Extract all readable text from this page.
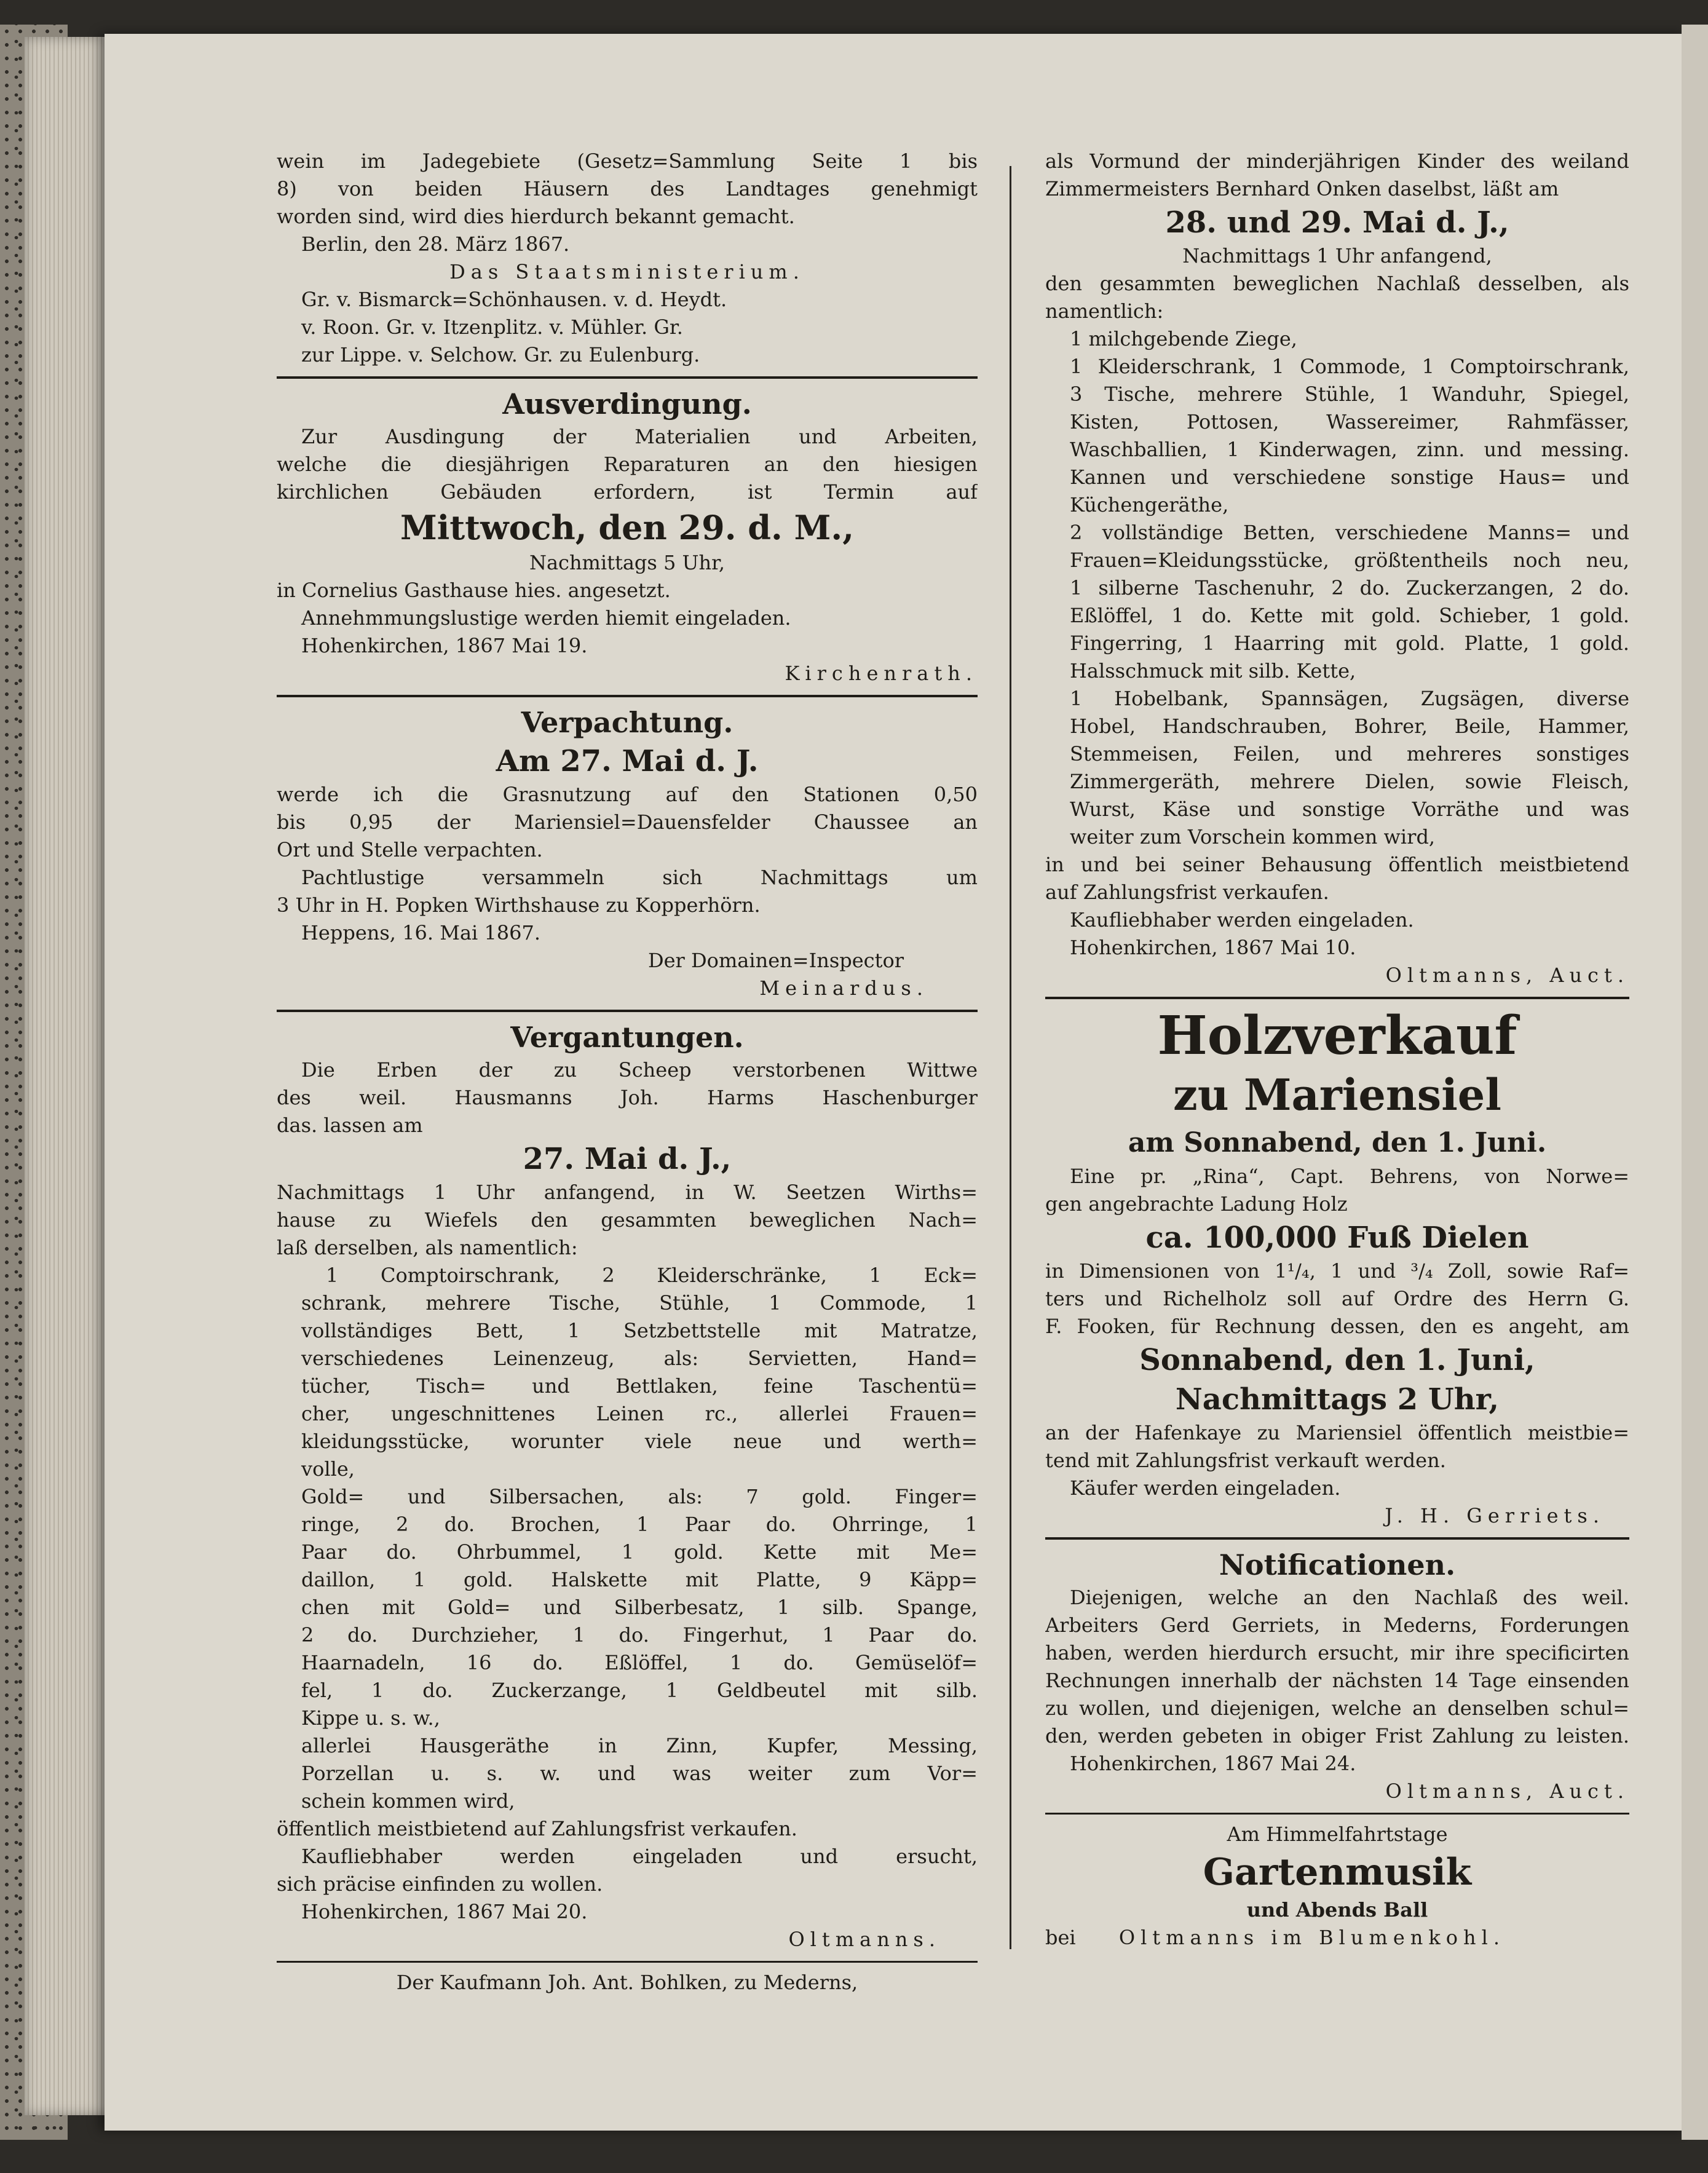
wein im Jadegebiete (Gesetz=Sammlung Seite 1 bis
8) von beiden Häusern des Landtages genehmigt
worden sind, wird dies hierdurch bekannt gemacht.
Berlin, den 28. März 1867.
Das Staatsministerium.
Gr. v. Bismarck=Schönhausen. v. d. Heydt.
v. Roon. Gr. v. Itzenplitz. v. Mühler. Gr.
zur Lippe. v. Selchow. Gr. zu Eulenburg.
Ausverdingung.
Zur Ausdingung der Materialien und Arbeiten,
welche die diesjährigen Reparaturen an den hiesigen
kirchlichen Gebäuden erfordern, ist Termin auf
Mittwoch, den 29. d. M.,
Nachmittags 5 Uhr,
in Cornelius Gasthause hies. angesetzt.
Annehmmungslustige werden hiemit eingeladen.
Hohenkirchen, 1867 Mai 19.
Kirchenrath.
Verpachtung.
Am 27. Mai d. J.
werde ich die Grasnutzung auf den Stationen 0,50
bis 0,95 der Mariensiel=Dauensfelder Chaussee an
Ort und Stelle verpachten.
Pachtlustige versammeln sich Nachmittags um
3 Uhr in H. Popken Wirthshause zu Kopperhörn.
Heppens, 16. Mai 1867.
Der Domainen=Inspector
Meinardus.
Vergantungen.
Die Erben der zu Scheep verstorbenen Wittwe
des weil. Hausmanns Joh. Harms Haschenburger
das. lassen am
27. Mai d. J.,
Nachmittags 1 Uhr anfangend, in W. Seetzen Wirths=
hause zu Wiefels den gesammten beweglichen Nach=
laß derselben, als namentlich:
1 Comptoirschrank, 2 Kleiderschränke, 1 Eck=
schrank, mehrere Tische, Stühle, 1 Commode, 1
vollständiges Bett, 1 Setzbettstelle mit Matratze,
verschiedenes Leinenzeug, als: Servietten, Hand=
tücher, Tisch= und Bettlaken, feine Taschentü=
cher, ungeschnittenes Leinen rc., allerlei Frauen=
kleidungsstücke, worunter viele neue und werth=
volle,
Gold= und Silbersachen, als: 7 gold. Finger=
ringe, 2 do. Brochen, 1 Paar do. Ohrringe, 1
Paar do. Ohrbummel, 1 gold. Kette mit Me=
daillon, 1 gold. Halskette mit Platte, 9 Käpp=
chen mit Gold= und Silberbesatz, 1 silb. Spange,
2 do. Durchzieher, 1 do. Fingerhut, 1 Paar do.
Haarnadeln, 16 do. Eßlöffel, 1 do. Gemüselöf=
fel, 1 do. Zuckerzange, 1 Geldbeutel mit silb.
Kippe u. s. w.,
allerlei Hausgeräthe in Zinn, Kupfer, Messing,
Porzellan u. s. w. und was weiter zum Vor=
schein kommen wird,
öffentlich meistbietend auf Zahlungsfrist verkaufen.
Kaufliebhaber werden eingeladen und ersucht,
sich präcise einfinden zu wollen.
Hohenkirchen, 1867 Mai 20.
Oltmanns.
Der Kaufmann Joh. Ant. Bohlken, zu Mederns,
als Vormund der minderjährigen Kinder des weiland
Zimmermeisters Bernhard Onken daselbst, läßt am
28. und 29. Mai d. J.,
Nachmittags 1 Uhr anfangend,
den gesammten beweglichen Nachlaß desselben, als
namentlich:
1 milchgebende Ziege,
1 Kleiderschrank, 1 Commode, 1 Comptoirschrank,
3 Tische, mehrere Stühle, 1 Wanduhr, Spiegel,
Kisten, Pottosen, Wassereimer, Rahmfässer,
Waschballien, 1 Kinderwagen, zinn. und messing.
Kannen und verschiedene sonstige Haus= und
Küchengeräthe,
2 vollständige Betten, verschiedene Manns= und
Frauen=Kleidungsstücke, größtentheils noch neu,
1 silberne Taschenuhr, 2 do. Zuckerzangen, 2 do.
Eßlöffel, 1 do. Kette mit gold. Schieber, 1 gold.
Fingerring, 1 Haarring mit gold. Platte, 1 gold.
Halsschmuck mit silb. Kette,
1 Hobelbank, Spannsägen, Zugsägen, diverse
Hobel, Handschrauben, Bohrer, Beile, Hammer,
Stemmeisen, Feilen, und mehreres sonstiges
Zimmergeräth, mehrere Dielen, sowie Fleisch,
Wurst, Käse und sonstige Vorräthe und was
weiter zum Vorschein kommen wird,
in und bei seiner Behausung öffentlich meistbietend
auf Zahlungsfrist verkaufen.
Kaufliebhaber werden eingeladen.
Hohenkirchen, 1867 Mai 10.
Oltmanns, Auct.
Holzverkauf
zu Mariensiel
am Sonnabend, den 1. Juni.
Eine pr. „Rina“, Capt. Behrens, von Norwe=
gen angebrachte Ladung Holz
ca. 100,000 Fuß Dielen
in Dimensionen von 1¹/₄, 1 und ³/₄ Zoll, sowie Raf=
ters und Richelholz soll auf Ordre des Herrn G.
F. Fooken, für Rechnung dessen, den es angeht, am
Sonnabend, den 1. Juni,
Nachmittags 2 Uhr,
an der Hafenkaye zu Mariensiel öffentlich meistbie=
tend mit Zahlungsfrist verkauft werden.
Käufer werden eingeladen.
J. H. Gerriets.
Notificationen.
Diejenigen, welche an den Nachlaß des weil.
Arbeiters Gerd Gerriets, in Mederns, Forderungen
haben, werden hierdurch ersucht, mir ihre specificirten
Rechnungen innerhalb der nächsten 14 Tage einsenden
zu wollen, und diejenigen, welche an denselben schul=
den, werden gebeten in obiger Frist Zahlung zu leisten.
Hohenkirchen, 1867 Mai 24.
Oltmanns, Auct.
Am Himmelfahrtstage
Gartenmusik
und Abends Ball
bei Oltmanns im Blumenkohl.
